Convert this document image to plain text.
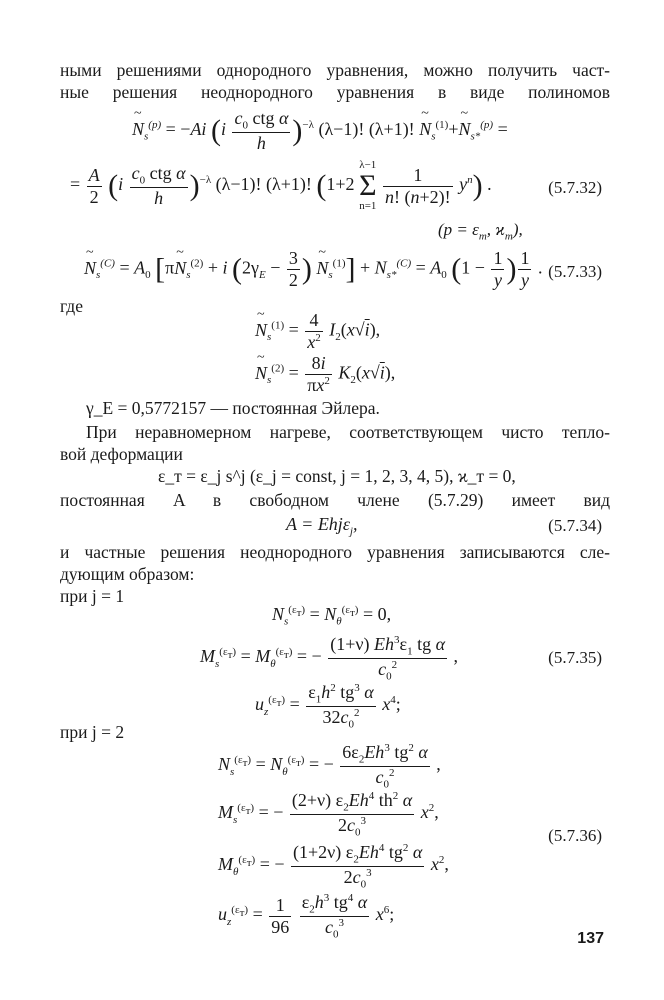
ными решениями однородного уравнения, можно получить част-
ные решения неоднородного уравнения в виде полиномов
~ $N_s^{(p)} = -Ai$ $(i \frac{c_0 ctg \alpha}{h} )^{-\lambda}$ (λ−1)! (λ+1)! ~ $N_s^{(1)}+\sim$ $N_{s*}^{(p)}$ =
= $\frac{A}{2} (i \frac{c_0 ctg \alpha}{h} )^{-\lambda}$ (λ−1)! (λ+1)! (1+2
λ−1
Σ
n=1
$\frac{1}{n! (n+2)!} y^n$) .	(5.7.32)
($p = \varepsilon_т$, $ϰ_т$),
~ $N_s^{(C)} = A_0$ [π~ $N_s^{(2)} + i$ ($2\gamma_E - \frac{3}{2}$ ) ~ $N_s^{(1)}] + N_{s*}^{(C)} = A_0$ ($1 - \frac{1}{y}$ ) $\frac{1}{y}$ . (5.7.33)
где
~ $N_s^{(1)} = \frac{4}{x^2} I_2(x√i)$,
~ $N_s^{(2)} = \frac{8i}{\pi x^2} K_2(x√i)$,
γ_E = 0,5772157 — постоянная Эйлера.
При неравномерном нагреве, соответствующем чисто тепло-
вой деформации
ε_т = ε_j s^j (ε_j = const, j = 1, 2, 3, 4, 5), ϰ_т = 0,
постоянная A в свободном члене (5.7.29) имеет вид
A = Ehjε$_j$,	(5.7.34)
и частные решения неоднородного уравнения записываются сле-
дующим образом:
при j = 1
$N_s^{(\varepsilon_т)} = N_\theta^{(\varepsilon_т)} = 0$,
$M_s^{(\varepsilon_т)} = M_\theta^{(\varepsilon_т)}$ = − $\frac{(1+\nu) Eh^3\varepsilon_1 tg \alpha}{c_0^2}$ ,	(5.7.35)
$u_z^{(\varepsilon_т)} = \frac{\varepsilon_1h^2 tg^3 \alpha}{32c_0^2} x^4$;
при j = 2
$N_s^{(\varepsilon_т)} = N_\theta^{(\varepsilon_т)}$ = − $\frac{6\varepsilon_2Eh^3 tg^2 \alpha}{c_0^2}$ ,
$M_s^{(\varepsilon_т)}$ = − $\frac{(2+\nu) \varepsilon_2Eh^4 th^2 \alpha}{2c_0^3} x^2$,
(5.7.36)
$M_\theta^{(\varepsilon_т)}$ = − $\frac{(1+2\nu) \varepsilon_2Eh^4 tg^2 \alpha}{2c_0^3} x^2$,
$u_z^{(\varepsilon_т)} = \frac{1}{96}$
$\frac{\varepsilon_2h^3 tg^4 \alpha}{c_0^3} x^6$;
137
